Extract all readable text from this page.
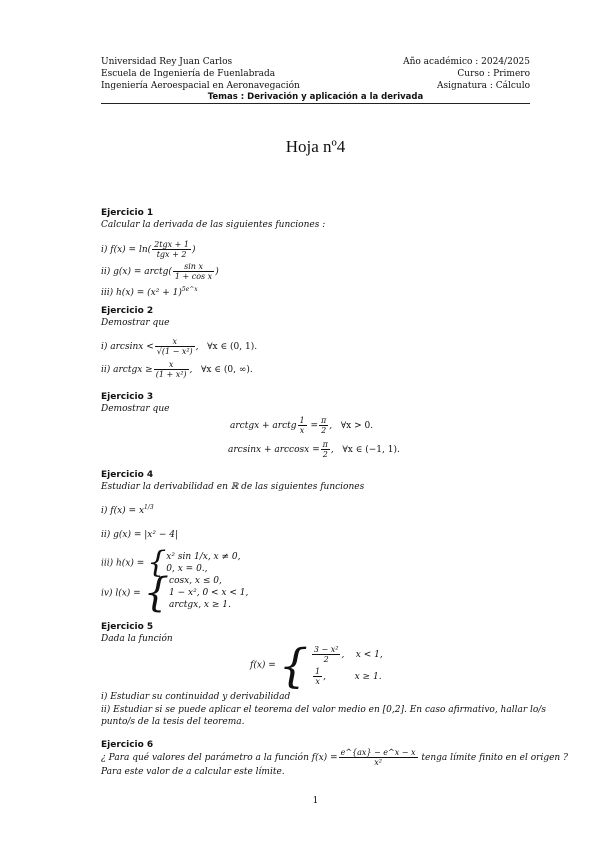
Universidad Rey Juan Carlos
Escuela de Ingeniería de Fuenlabrada
Ingeniería Aeroespacial en Aeronavegación
Año académico : 2024/2025
Curso : Primero
Asignatura : Cálculo
Temas : Derivación y aplicación a la derivada
Hoja nº4
Ejercicio 1
Calcular la derivada de las siguientes funciones :
i) $f(x) = \ln( \frac{\text{2tgx + 1}}{\text{tgx + 2}}$ )
ii) g(x) = arctg( $\frac{\text{sin x}}{\text{1 + cos x}}$ )
iii) $h(x) = (x^2 + 1)^{5e\^{}x}$
Ejercicio 2
Demostrar que
i) $\arcsin x < \frac{x}{\text{√(1 − x²)}}$ ,   ∀x ∈ (0, 1).
ii) arctgx ≥ $\frac{x}{\text{(1 + x²)}}$ ,   ∀x ∈ (0, ∞).
Ejercicio 3
Demostrar que
arctgx + arctg $\frac{1}{x} = \frac{\pi}{2}$ ,   ∀x > 0.
$\arcsin x + \arccos x = \frac{\pi}{2}$ ,   ∀x ∈ (−1, 1).
Ejercicio 4
Estudiar la derivabilidad en ℝ de las siguientes funciones
i) $f(x) = x^{1/3}$
ii) g(x) = |x² − 4|
iii) h(x) = { x² sin 1/x, x ≠ 0,
0, x = 0.,
iv) l(x) = { cosx, x ≤ 0,
1 − x², 0 < x < 1,
arctgx, x ≥ 1.
Ejercicio 5
Dada la función
f(x) = { $\frac{\text{3 − x²}}{2}$ ,    x < 1,
$\frac{1}{x}$ ,          x ≥ 1.
i) Estudiar su continuidad y derivabilidad
ii) Estudiar si se puede aplicar el teorema del valor medio en [0,2]. En caso afirmativo, hallar lo/s
punto/s de la tesis del teorema.
Ejercicio 6
¿ Para qué valores del parámetro a la función $f(x) = \frac{e\^{}\{ax\} - e\^{}x - x}{\text{x²}}$ tenga límite finito en el origen ?
Para este valor de a calcular este límite.
1
